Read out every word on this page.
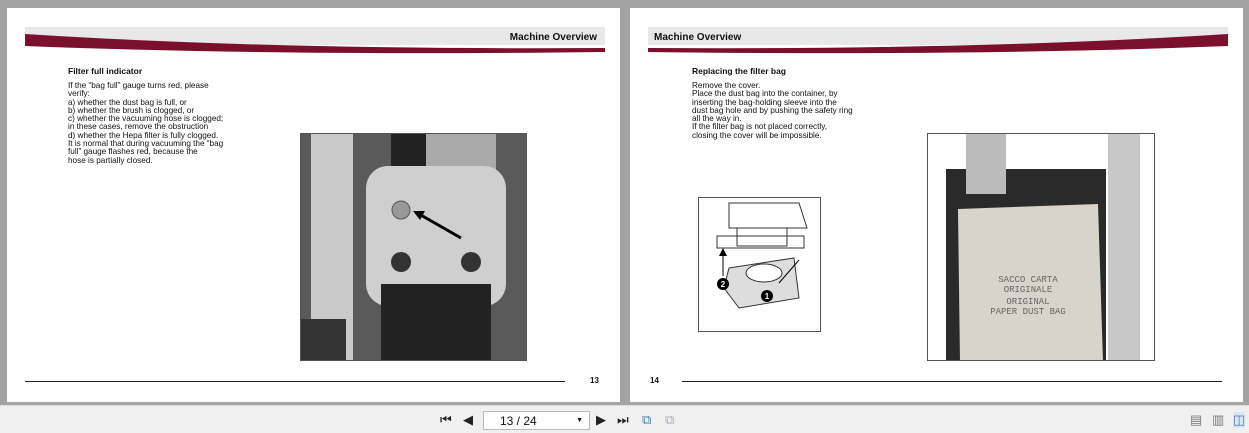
Machine Overview
Filter full indicator
If the “bag full” gauge turns red, please
verify:
a) whether the dust bag is full, or
b) whether the brush is clogged, or
c) whether the vacuuming hose is clogged;
in these cases, remove the obstruction
d) whether the Hepa filter is fully clogged.
It is normal that during vacuuming the “bag
full” gauge flashes red, because the
hose is partially closed.
13
Machine Overview
Replacing the filter bag
Remove the cover.
Place the dust bag into the container, by
inserting the bag-holding sleeve into the
dust bag hole and by pushing the safety ring
all the way in.
If the filter bag is not placed correctly,
closing the cover will be impossible.
2
1
SACCO CARTA
ORIGINALE
ORIGINAL
PAPER DUST BAG
14
⏮ ◀ 13 / 24	▼ ▶ ⏭ ⧉ ⧉	▤ ▥ ◫
